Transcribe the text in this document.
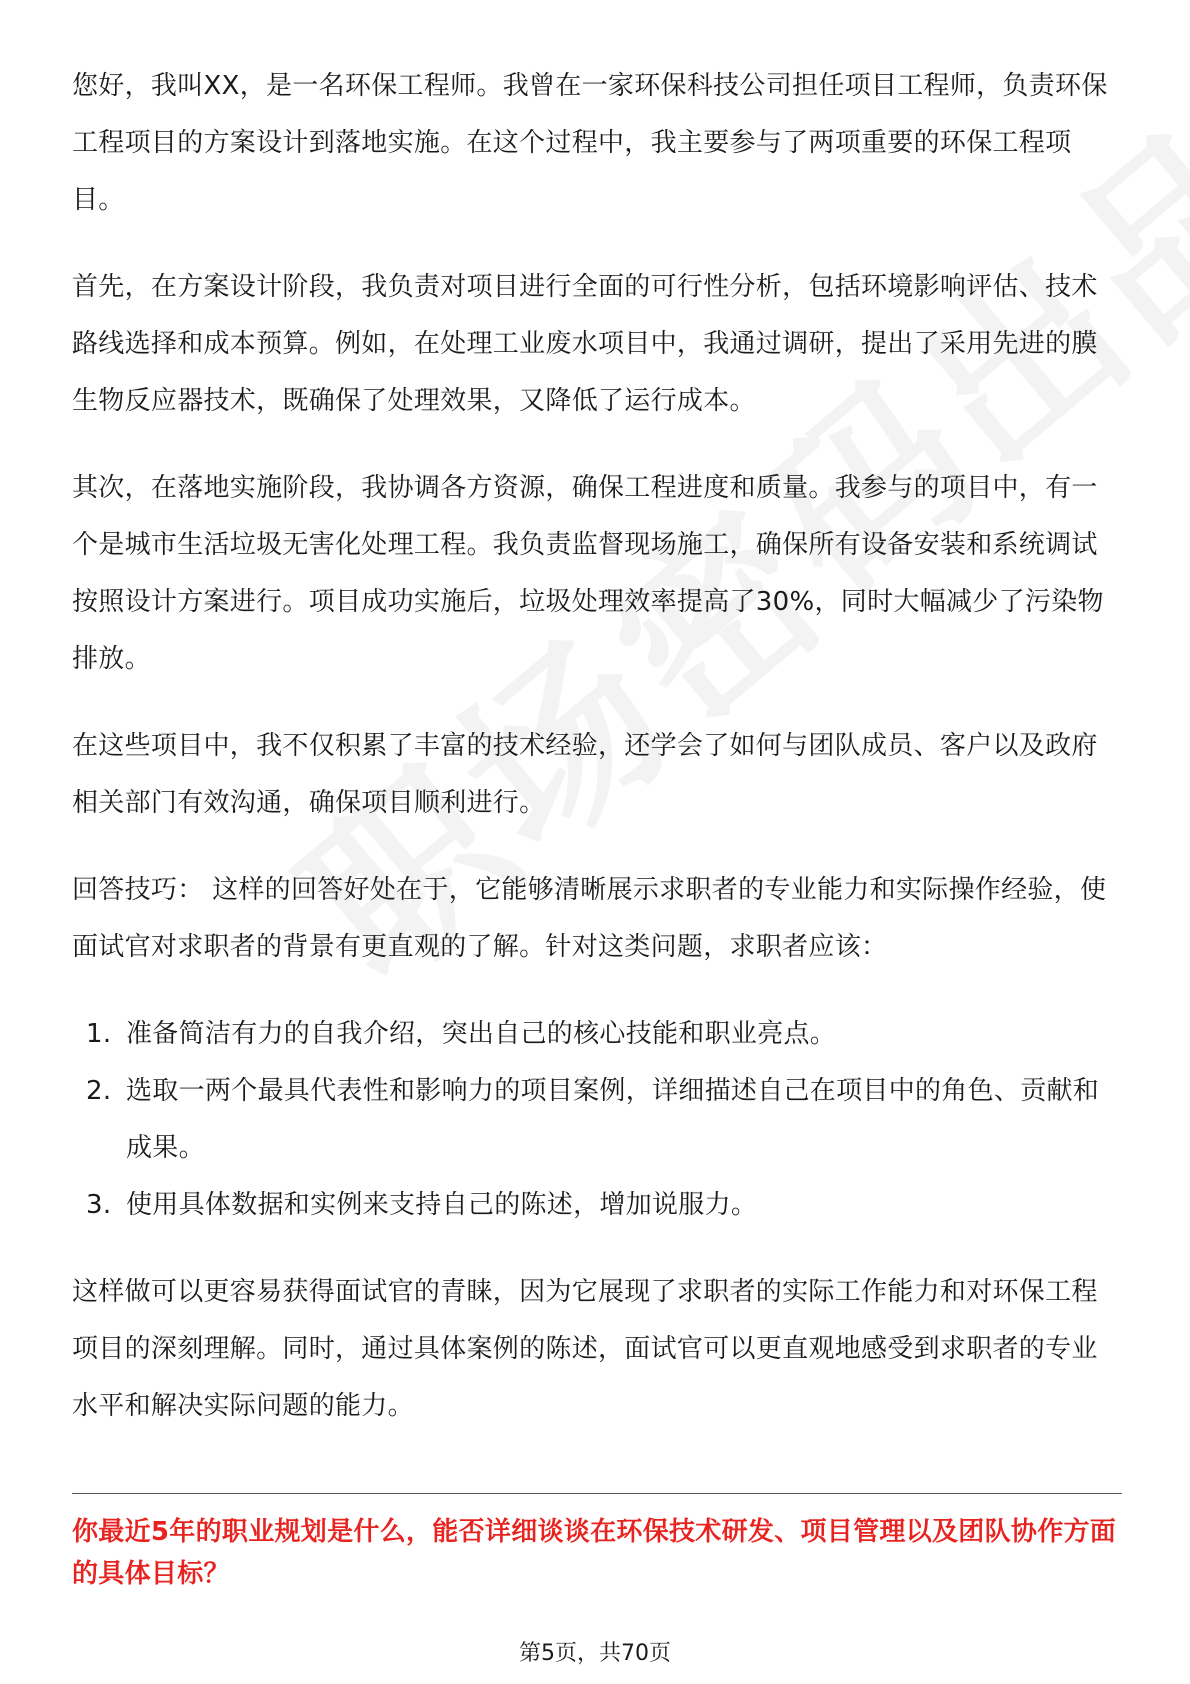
您好，我叫XX，是一名环保工程师。我曾在一家环保科技公司担任项目工程师，负责环保工程项目的方案设计到落地实施。在这个过程中，我主要参与了两项重要的环保工程项目。

首先，在方案设计阶段，我负责对项目进行全面的可行性分析，包括环境影响评估、技术路线选择和成本预算。例如，在处理工业废水项目中，我通过调研，提出了采用先进的膜生物反应器技术，既确保了处理效果，又降低了运行成本。

其次，在落地实施阶段，我协调各方资源，确保工程进度和质量。我参与的项目中，有一个是城市生活垃圾无害化处理工程。我负责监督现场施工，确保所有设备安装和系统调试按照设计方案进行。项目成功实施后，垃圾处理效率提高了30%，同时大幅减少了污染物排放。

在这些项目中，我不仅积累了丰富的技术经验，还学会了如何与团队成员、客户以及政府相关部门有效沟通，确保项目顺利进行。

回答技巧： 这样的回答好处在于，它能够清晰展示求职者的专业能力和实际操作经验，使面试官对求职者的背景有更直观的了解。针对这类问题，求职者应该：

1. 准备简洁有力的自我介绍，突出自己的核心技能和职业亮点。
2. 选取一两个最具代表性和影响力的项目案例，详细描述自己在项目中的角色、贡献和成果。
3. 使用具体数据和实例来支持自己的陈述，增加说服力。

这样做可以更容易获得面试官的青睐，因为它展现了求职者的实际工作能力和对环保工程项目的深刻理解。同时，通过具体案例的陈述，面试官可以更直观地感受到求职者的专业水平和解决实际问题的能力。

你最近5年的职业规划是什么，能否详细谈谈在环保技术研发、项目管理以及团队协作方面的具体目标？
第5页，共70页
